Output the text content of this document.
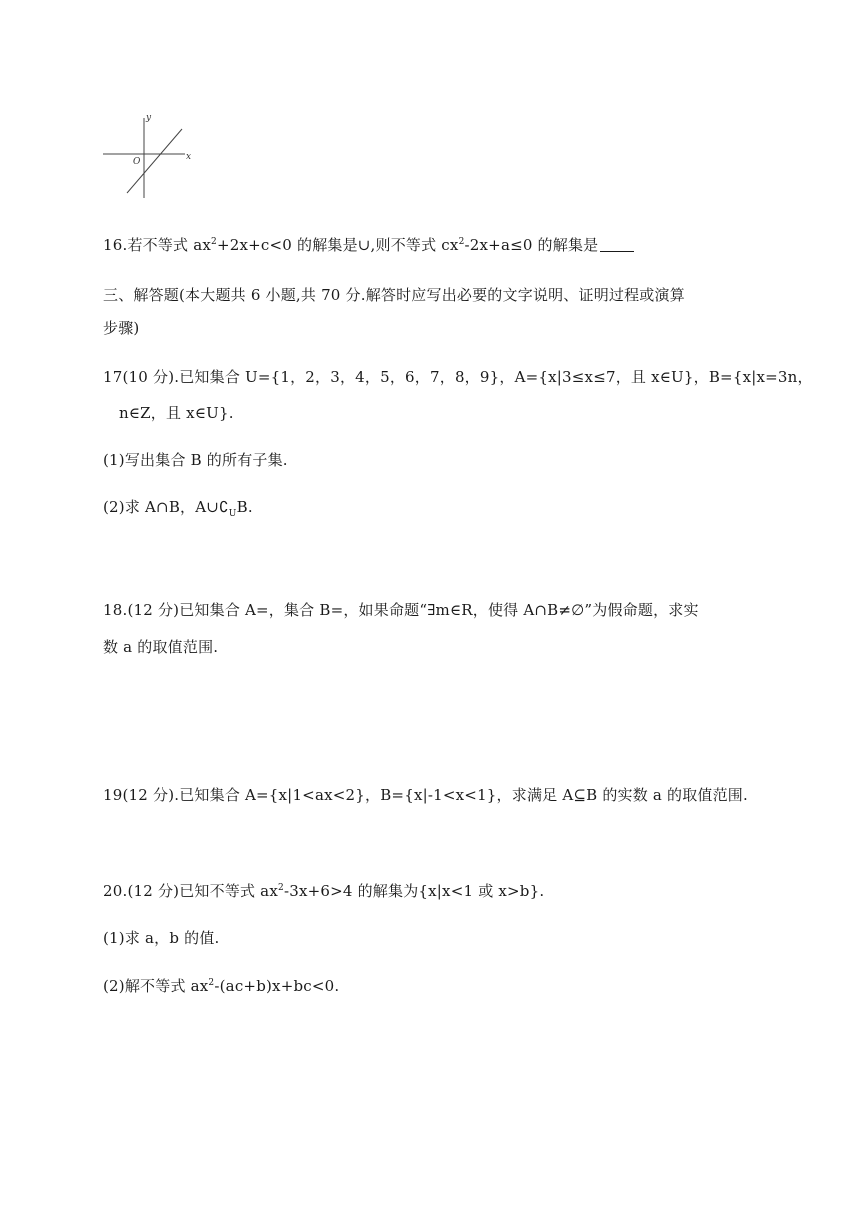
y
x
O
16.若不等式 $ax^2+2x+c<0$ 的解集是∪,则不等式 $cx^2-2x+a\le 0$ 的解集是
三、解答题(本大题共 6 小题,共 70 分.解答时应写出必要的文字说明、证明过程或演算
步骤)
17(10 分).已知集合 U={1，2，3，4，5，6，7，8，9}，A={x|3≤x≤7，且 x∈U}，B={x|x=3n，
n∈Z，且 x∈U}.
(1)写出集合 B 的所有子集.
(2)求 A∩B，$A\cup∁_UB$.
18.(12 分)已知集合 A=，集合 B=，如果命题“∃m∈R，使得 A∩B≠∅”为假命题，求实
数 a 的取值范围.
19(12 分).已知集合 A={x|1<ax<2}，B={x|-1<x<1}，求满足 A⊆B 的实数 a 的取值范围.
20.(12 分)已知不等式 $ax^2-3x+6>4$ 的解集为{x|x<1 或 x>b}.
(1)求 a，b 的值.
(2)解不等式 $ax^2-(ac+b)x+bc<0$.
